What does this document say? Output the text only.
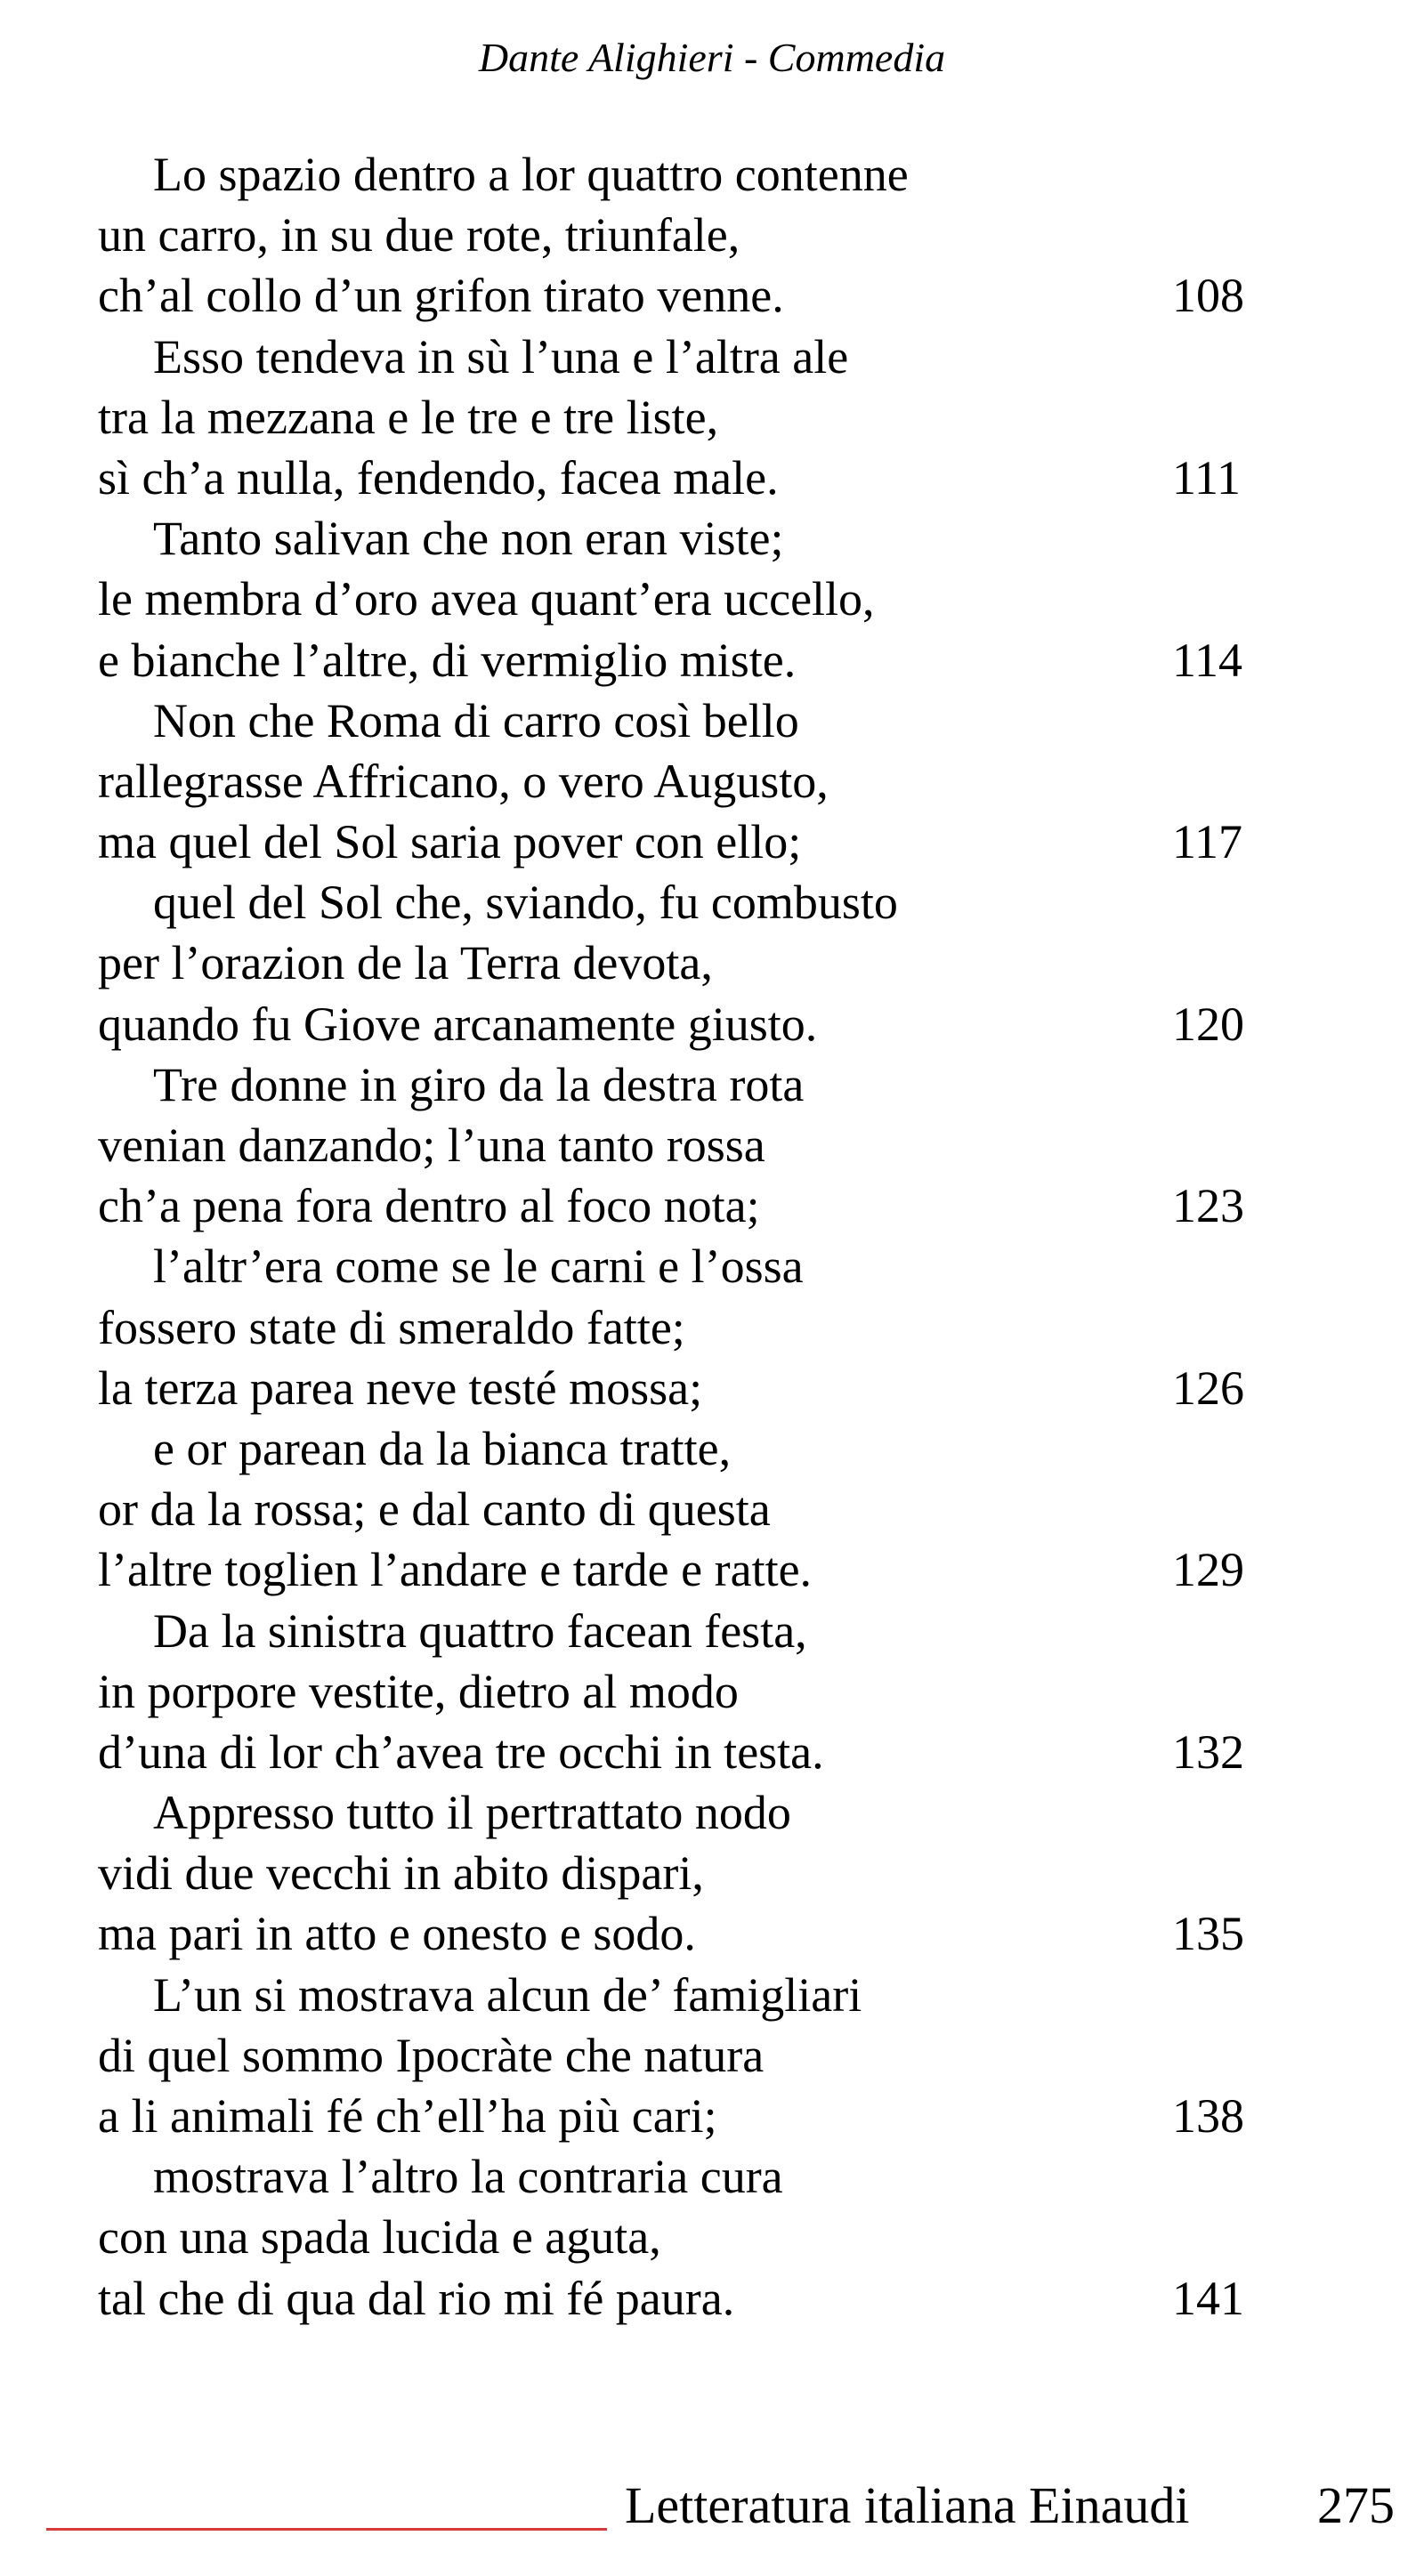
Dante Alighieri - Commedia
Lo spazio dentro a lor quattro contenne
un carro, in su due rote, triunfale,
ch’al collo d’un grifon tirato venne.	108
Esso tendeva in sù l’una e l’altra ale
tra la mezzana e le tre e tre liste,
sì ch’a nulla, fendendo, facea male.	111
Tanto salivan che non eran viste;
le membra d’oro avea quant’era uccello,
e bianche l’altre, di vermiglio miste.	114
Non che Roma di carro così bello
rallegrasse Affricano, o vero Augusto,
ma quel del Sol saria pover con ello;	117
quel del Sol che, sviando, fu combusto
per l’orazion de la Terra devota,
quando fu Giove arcanamente giusto.	120
Tre donne in giro da la destra rota
venian danzando; l’una tanto rossa
ch’a pena fora dentro al foco nota;	123
l’altr’era come se le carni e l’ossa
fossero state di smeraldo fatte;
la terza parea neve testé mossa;	126
e or parean da la bianca tratte,
or da la rossa; e dal canto di questa
l’altre toglien l’andare e tarde e ratte.	129
Da la sinistra quattro facean festa,
in porpore vestite, dietro al modo
d’una di lor ch’avea tre occhi in testa.	132
Appresso tutto il pertrattato nodo
vidi due vecchi in abito dispari,
ma pari in atto e onesto e sodo.	135
L’un si mostrava alcun de’ famigliari
di quel sommo Ipocràte che natura
a li animali fé ch’ell’ha più cari;	138
mostrava l’altro la contraria cura
con una spada lucida e aguta,
tal che di qua dal rio mi fé paura.	141
Letteratura italiana Einaudi 275
